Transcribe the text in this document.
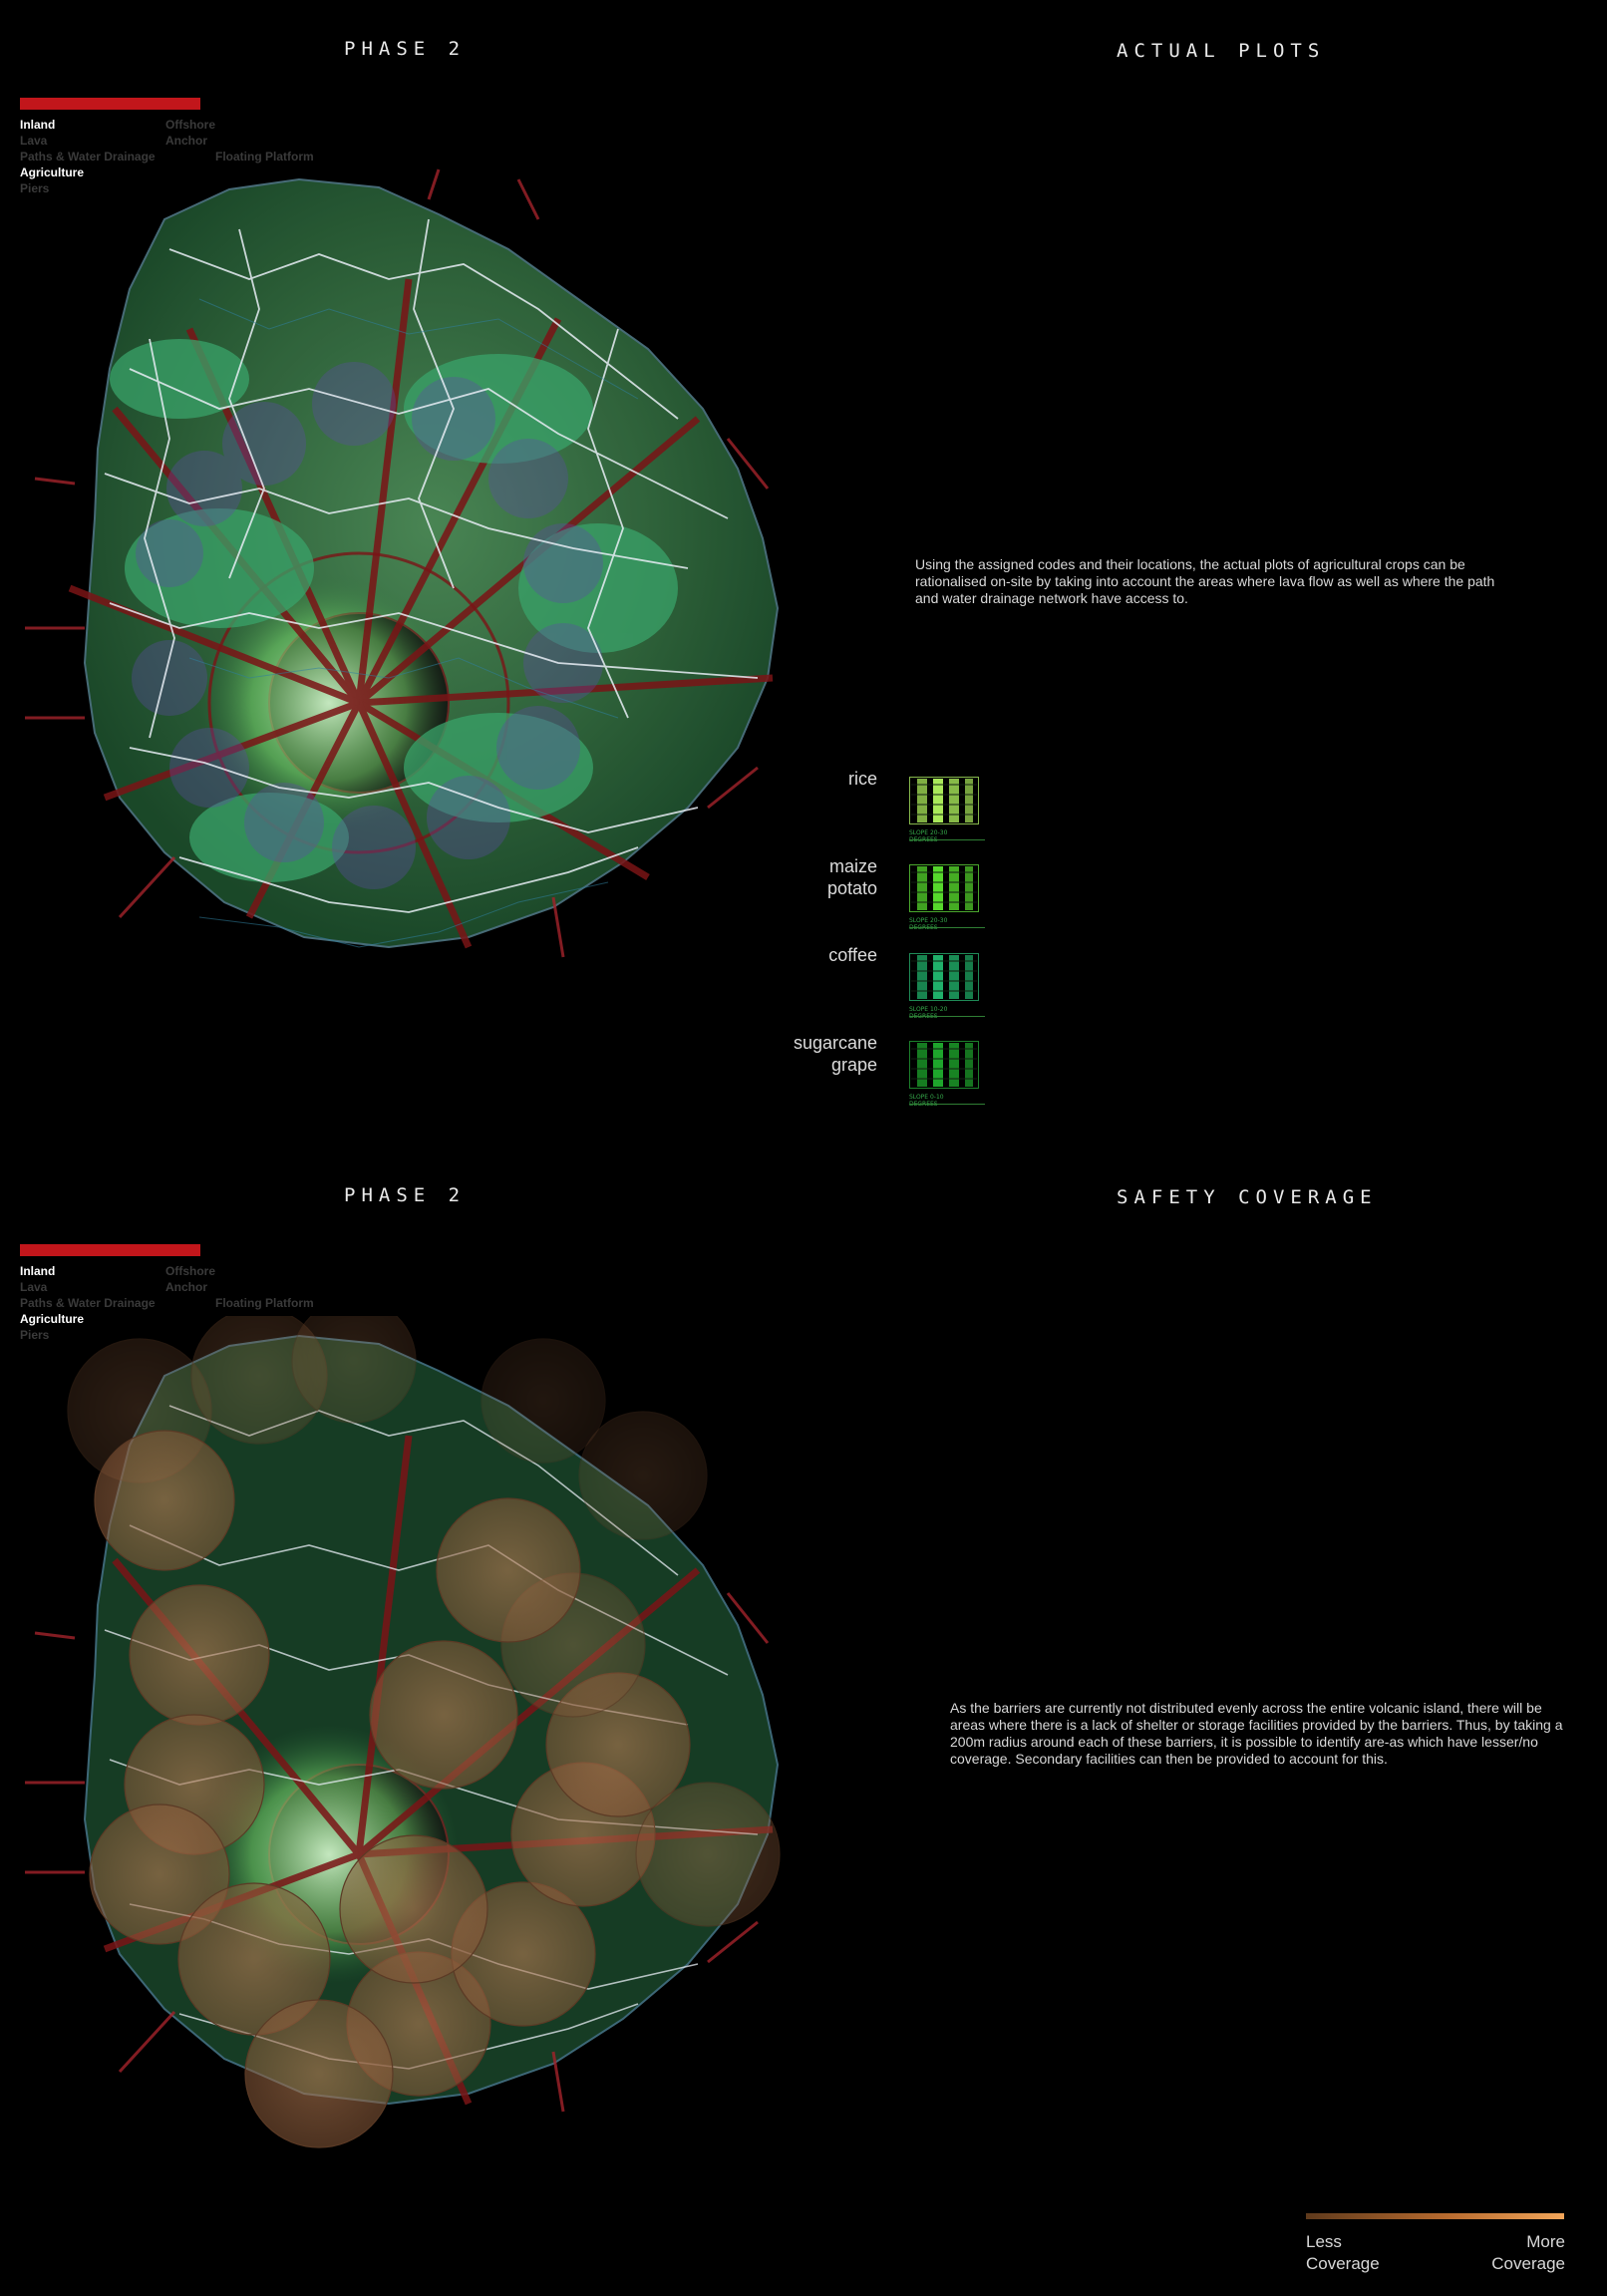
PHASE 2	ACTUAL PLOTS
Inland
Lava
Paths & Water Drainage
Agriculture
Piers
Offshore
Anchor
Floating Platform
Using the assigned codes and their locations, the actual plots of agricultural crops can be rationalised on-site by taking into account the areas where lava flow as well as where the path and water drainage network have access to.
rice
SLOPE 20-30

maize
potato
SLOPE 20-30

coffee
SLOPE 10-20

sugarcane
grape
SLOPE 0-10

PHASE 2	SAFETY COVERAGE
Inland
Lava
Paths & Water Drainage
Agriculture
Piers
Offshore
Anchor
Floating Platform
As the barriers are currently not distributed evenly across the entire volcanic island, there will be areas where there is a lack of shelter or storage facilities provided by the barriers. Thus, by taking a 200m radius around each of these barriers, it is possible to identify are-as which have lesser/no coverage. Secondary facilities can then be provided to account for this.
Less
Coverage
More
Coverage
